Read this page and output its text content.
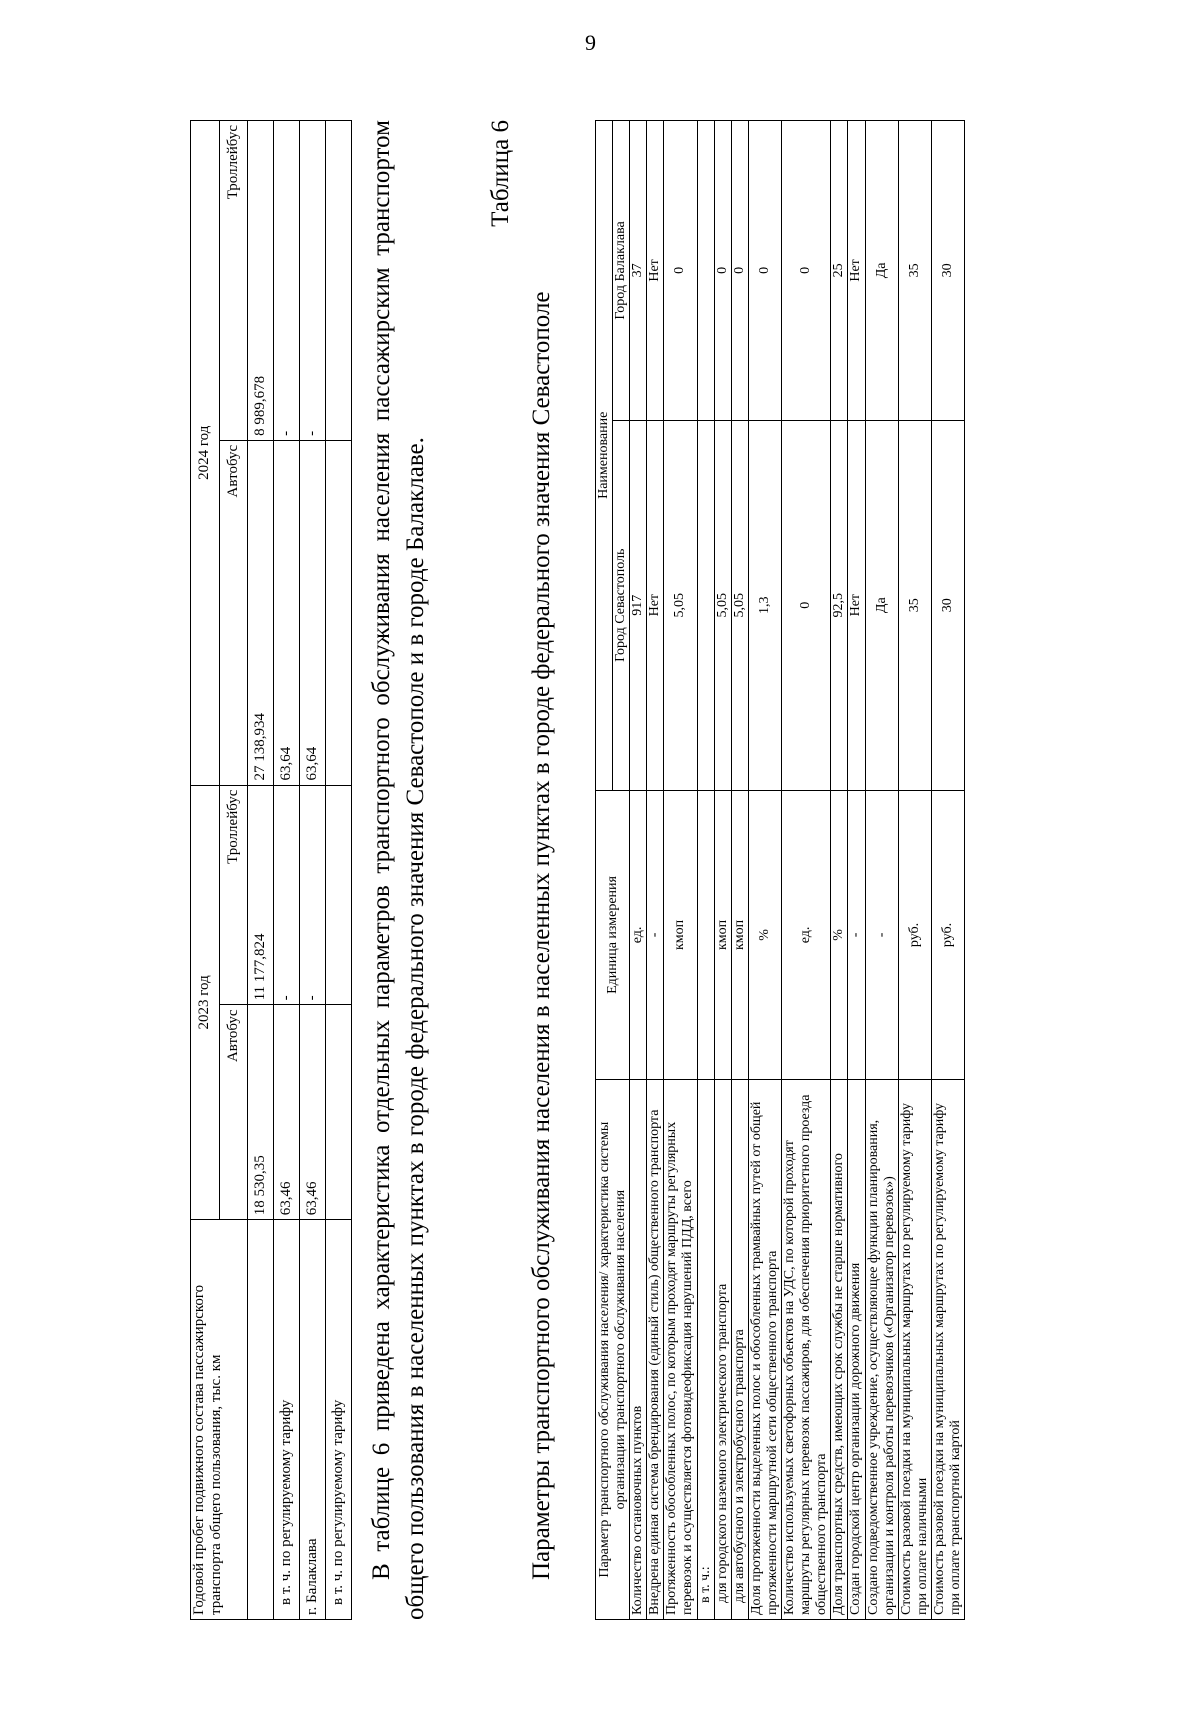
9
Годовой пробег подвижного состава пассажирского транспорта общего пользования, тыс. км	2023 год		2024 год	
	Автобус	Троллейбус	Автобус	Троллейбус
	18 530,35	11 177,824	27 138,934	8 989,678
в т. ч. по регулируемому тарифу	63,46	-	63,64	-
г. Балаклава	63,46	-	63,64	-
в т. ч. по регулируемому тарифу				В таблице 6 приведена характеристика отдельных параметров транспортного обслуживания населения пассажирским транспортом общего пользования в населенных пунктах в городе федерального значения Севастополе и в городе Балаклаве.
Таблица 6
Параметры транспортного обслуживания населения в населенных пунктах в городе федерального значения Севастополе	Параметр транспортного обслуживания населения/ характеристика системы организации транспортного обслуживания населения	Единица измерения	Наименование	
		Город Севастополь	Город Балаклава
Количество остановочных пунктов	ед.	917	37
Внедрена единая система брендирования (единый стиль) общественного транспорта	-	Нет	Нет
Протяженность обособленных полос, по которым проходят маршруты регулярных перевозок и осуществляется фотовидеофиксация нарушений ПДД, всего	кмоп	5,05	0
в т. ч.:			
для городского наземного электрического транспорта	кмоп	5,05	0
для автобусного и электробусного транспорта	кмоп	5,05	0
Доля протяженности выделенных полос и обособленных трамвайных путей от общей протяженности маршрутной сети общественного транспорта	%	1,3	0
Количество используемых светофорных объектов на УДС, по которой проходят маршруты регулярных перевозок пассажиров, для обеспечения приоритетного проезда общественного транспорта	ед.	0	0
Доля транспортных средств, имеющих срок службы не старше нормативного	%	92,5	25
Создан городской центр организации дорожного движения	-	Нет	Нет
Создано подведомственное учреждение, осуществляющее функции планирования, организации и контроля работы перевозчиков («Организатор перевозок»)	-	Да	Да
Стоимость разовой поездки на муниципальных маршрутах по регулируемому тарифу при оплате наличными	руб.	35	35
Стоимость разовой поездки на муниципальных маршрутах по регулируемому тарифу при оплате транспортной картой	руб.	30	30
